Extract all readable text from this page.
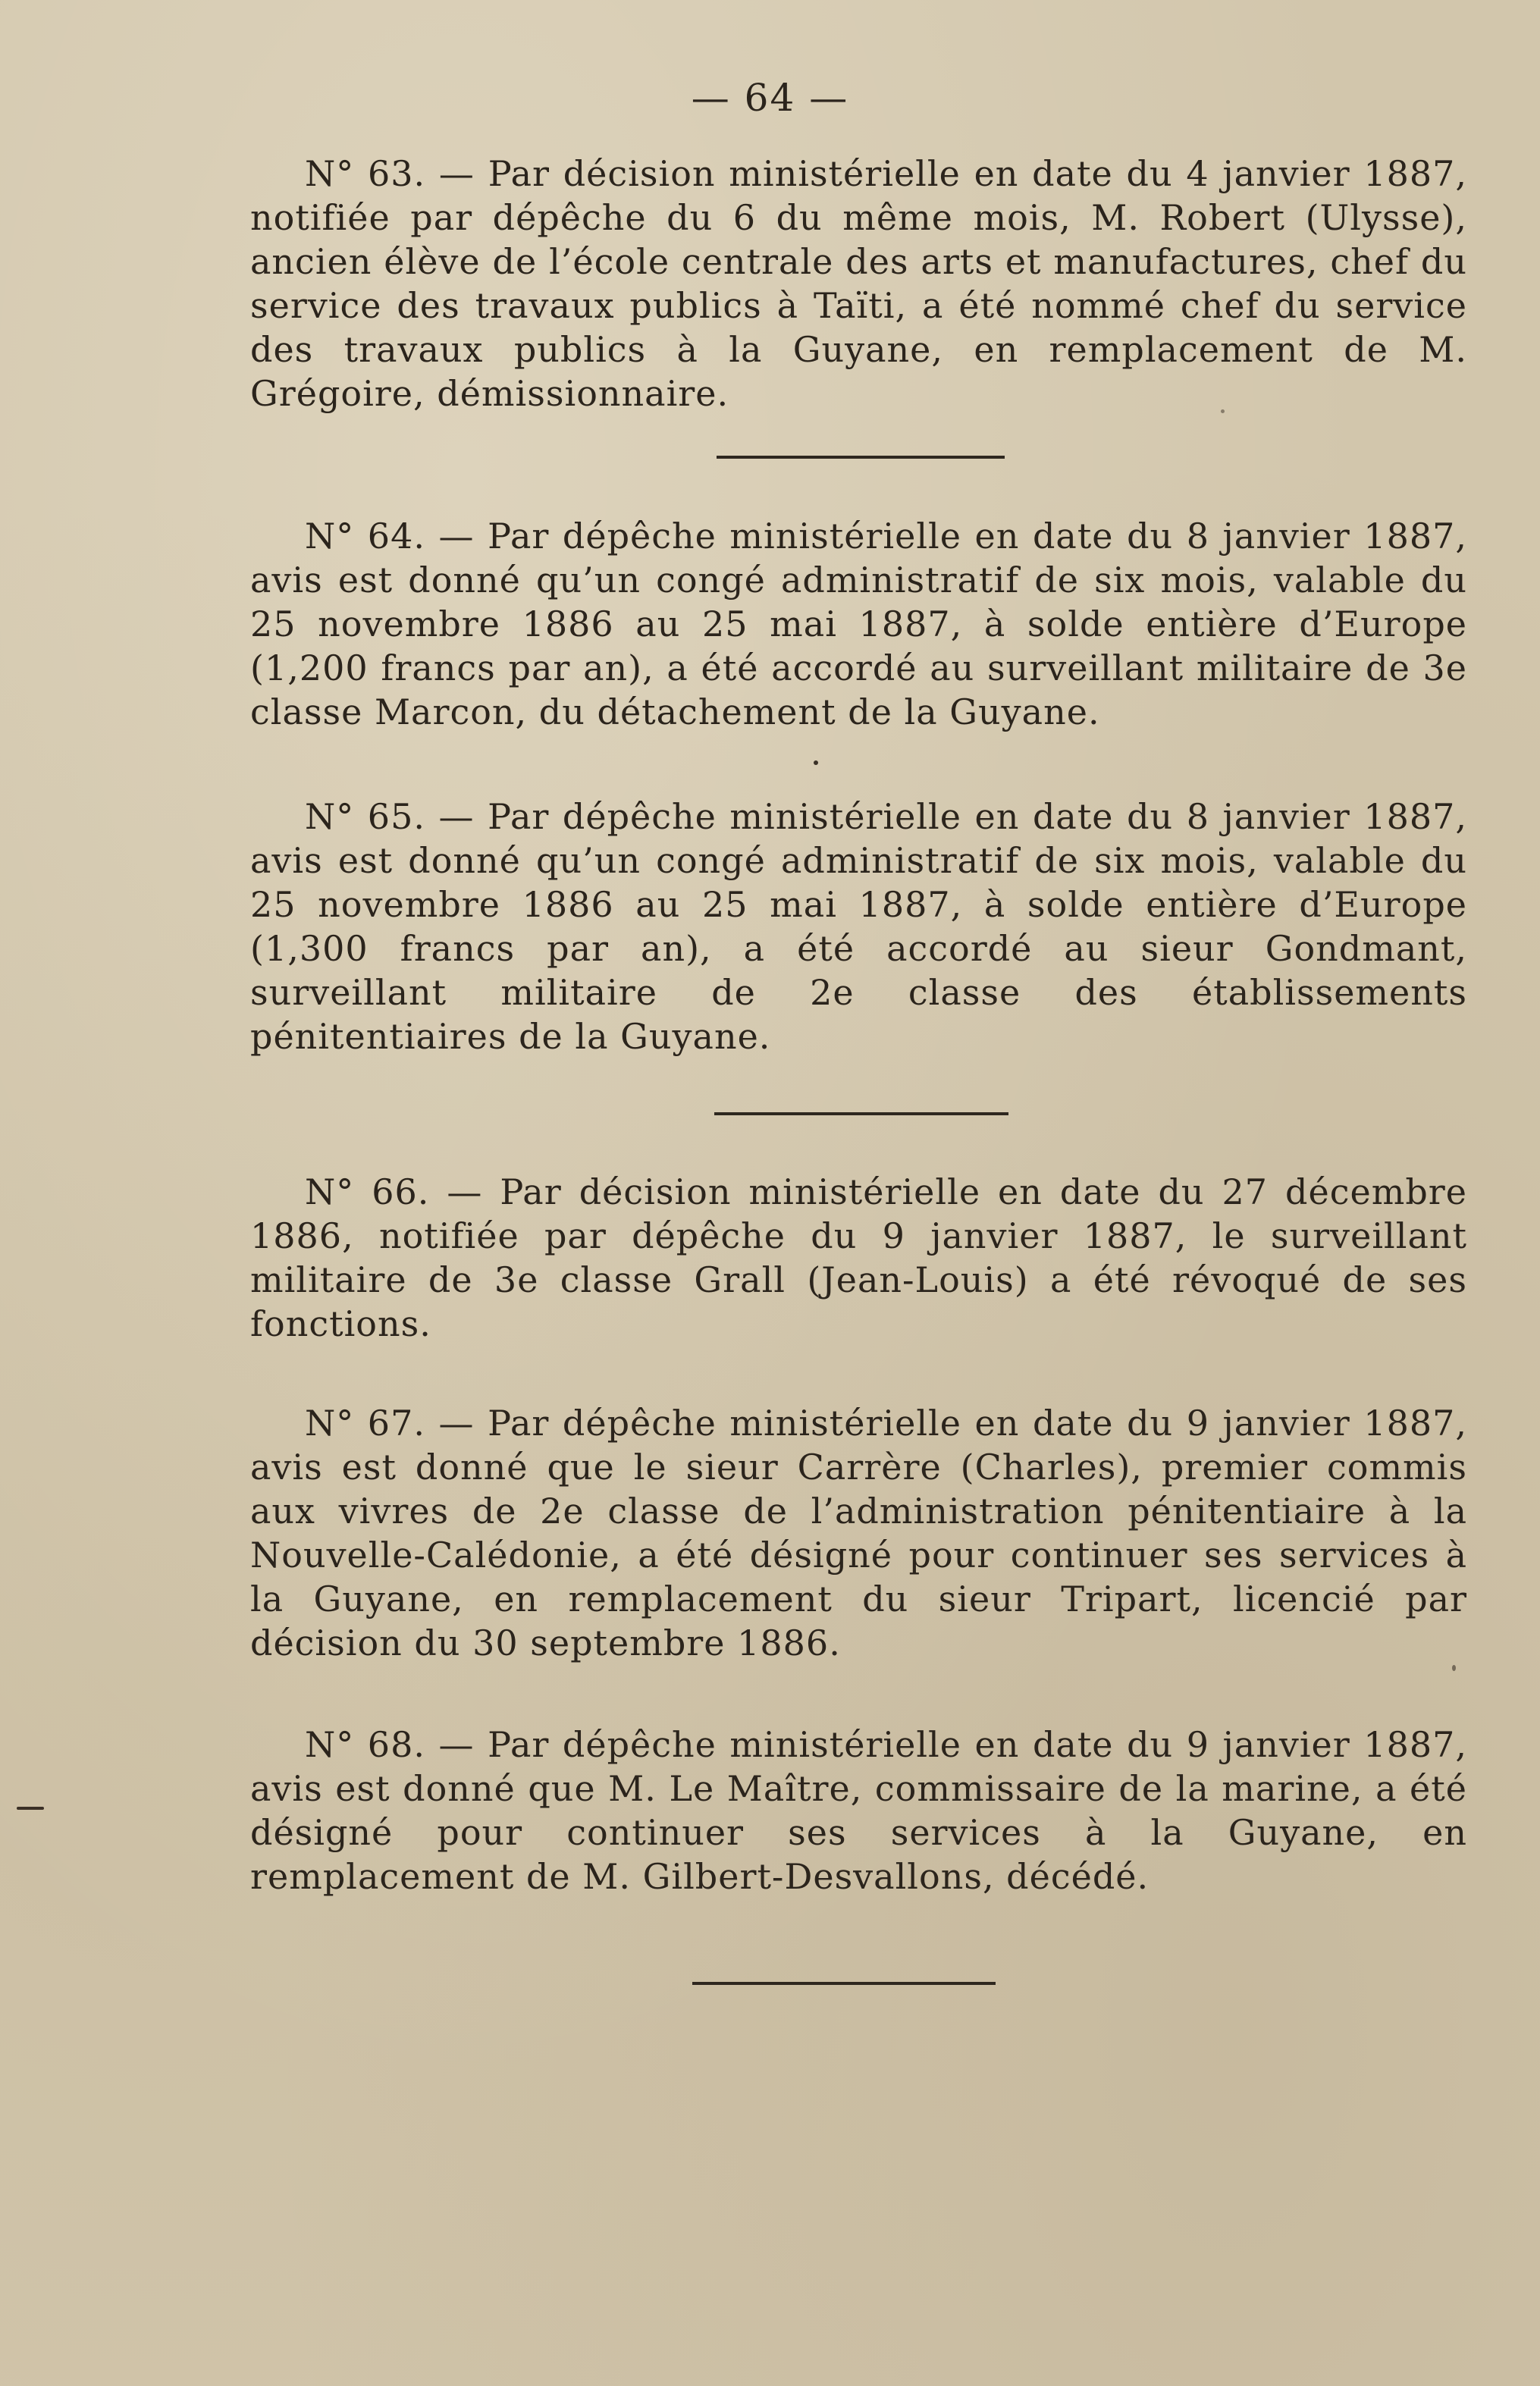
— 64 —

N° 63. — Par décision ministérielle en date du 4 janvier 1887, notifiée par dépêche du 6 du même mois, M. Robert (Ulysse), ancien élève de l’école centrale des arts et manufactures, chef du service des travaux publics à Taïti, a été nommé chef du service des travaux publics à la Guyane, en remplacement de M. Grégoire, démissionnaire.

N° 64. — Par dépêche ministérielle en date du 8 janvier 1887, avis est donné qu’un congé administratif de six mois, valable du 25 novembre 1886 au 25 mai 1887, à solde entière d’Europe (1,200 francs par an), a été accordé au surveillant militaire de 3e classe Marcon, du détachement de la Guyane.

N° 65. — Par dépêche ministérielle en date du 8 janvier 1887, avis est donné qu’un congé administratif de six mois, valable du 25 novembre 1886 au 25 mai 1887, à solde entière d’Europe (1,300 francs par an), a été accordé au sieur Gondmant, surveillant militaire de 2e classe des établissements pénitentiaires de la Guyane.

N° 66. — Par décision ministérielle en date du 27 décembre 1886, notifiée par dépêche du 9 janvier 1887, le surveillant militaire de 3e classe Grall (Jean-Louis) a été révoqué de ses fonctions.

N° 67. — Par dépêche ministérielle en date du 9 janvier 1887, avis est donné que le sieur Carrère (Charles), premier commis aux vivres de 2e classe de l’administration pénitentiaire à la Nouvelle-Calédonie, a été désigné pour continuer ses services à la Guyane, en remplacement du sieur Tripart, licencié par décision du 30 septembre 1886.

N° 68. — Par dépêche ministérielle en date du 9 janvier 1887, avis est donné que M. Le Maître, commissaire de la marine, a été désigné pour continuer ses services à la Guyane, en remplacement de M. Gilbert-Desvallons, décédé.
